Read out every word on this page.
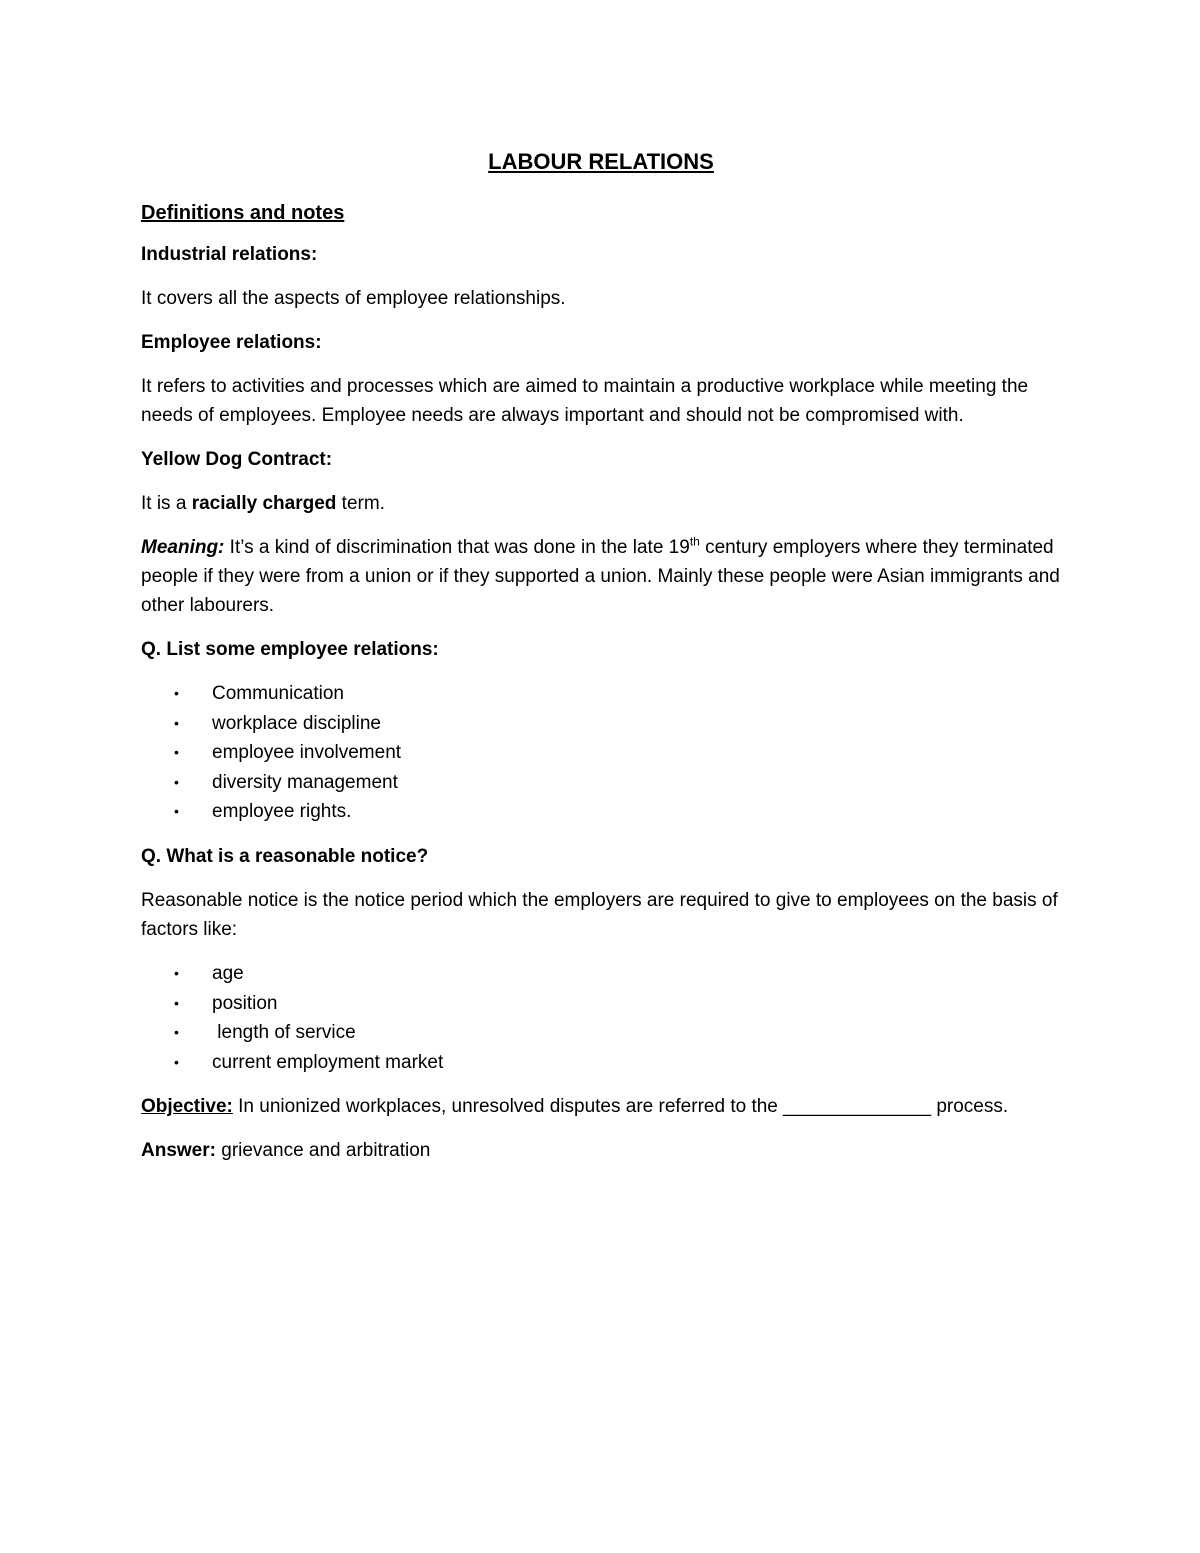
LABOUR RELATIONS
Definitions and notes

Industrial relations:

It covers all the aspects of employee relationships.

Employee relations:

It refers to activities and processes which are aimed to maintain a productive workplace while meeting the needs of employees. Employee needs are always important and should not be compromised with.

Yellow Dog Contract:

It is a racially charged term.

Meaning: It’s a kind of discrimination that was done in the late 19th century employers where they terminated people if they were from a union or if they supported a union. Mainly these people were Asian immigrants and other labourers.

Q. List some employee relations:

• Communication
• workplace discipline
• employee involvement
• diversity management
• employee rights.

Q. What is a reasonable notice?

Reasonable notice is the notice period which the employers are required to give to employees on the basis of factors like:

• age
• position
• length of service
• current employment market

Objective: In unionized workplaces, unresolved disputes are referred to the ______________ process.

Answer: grievance and arbitration
